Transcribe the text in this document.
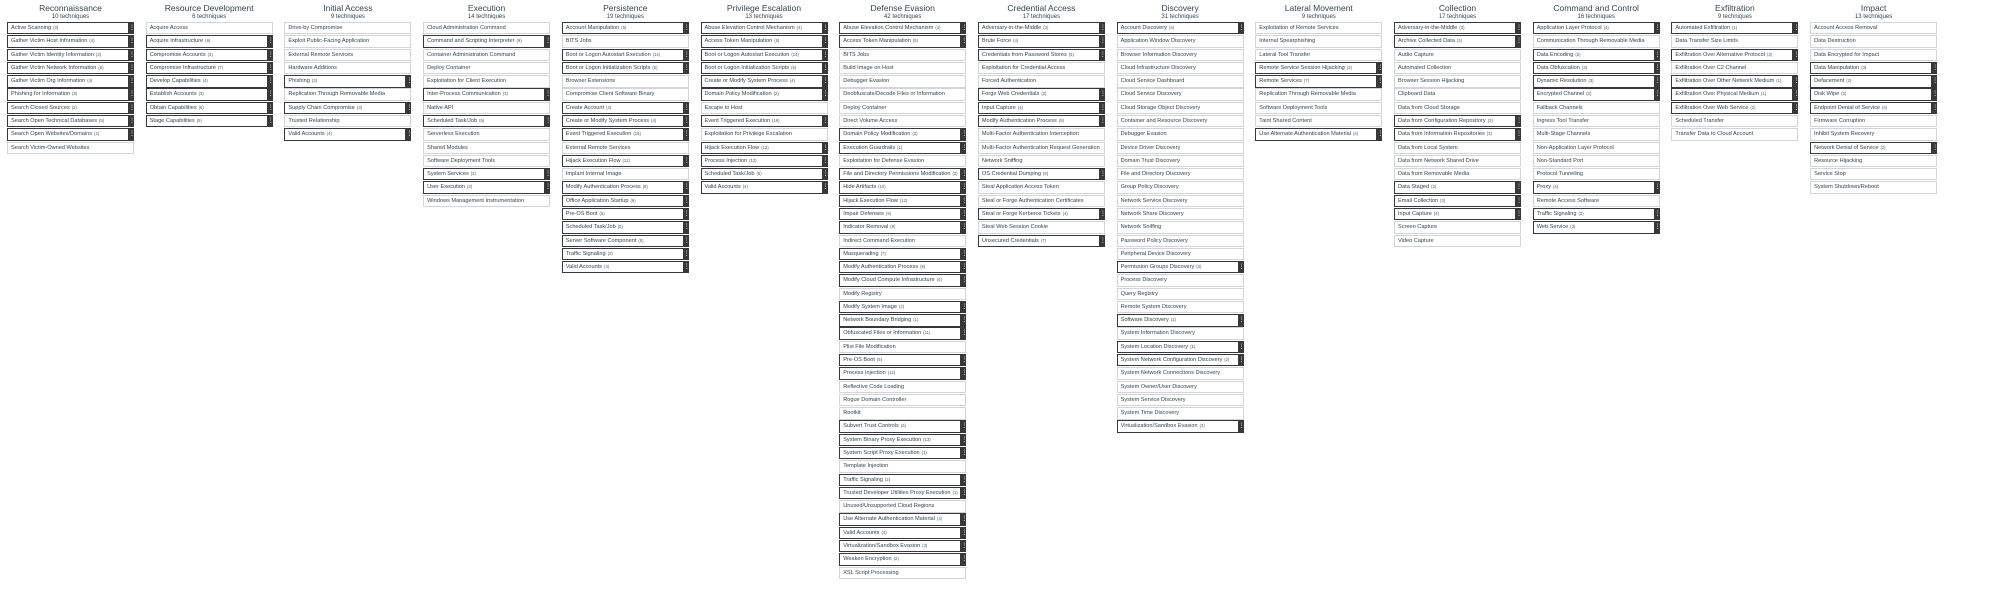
Reconnaissance
10 techniques
Active Scanning (3)	⋮
Gather Victim Host Information (4)	⋮
Gather Victim Identity Information (3)	⋮
Gather Victim Network Information (6)	⋮
Gather Victim Org Information (4)	⋮
Phishing for Information (3)	⋮
Search Closed Sources (2)	⋮
Search Open Technical Databases (5)	⋮
Search Open Websites/Domains (2)	⋮
Search Victim-Owned Websites
Resource Development
6 techniques
Acquire Access
Acquire Infrastructure (6)	⋮
Compromise Accounts (3)	⋮
Compromise Infrastructure (7)	⋮
Develop Capabilities (4)	⋮
Establish Accounts (3)	⋮
Obtain Capabilities (6)	⋮
Stage Capabilities (5)	⋮
Initial Access
9 techniques
Drive-by Compromise
Exploit Public-Facing Application
External Remote Services
Hardware Additions
Phishing (3)	⋮
Replication Through Removable Media
Supply Chain Compromise (3)	⋮
Trusted Relationship
Valid Accounts (4)	⋮
Execution
14 techniques
Cloud Administration Command
Command and Scripting Interpreter (9)	⋮
Container Administration Command
Deploy Container
Exploitation for Client Execution
Inter-Process Communication (3)	⋮
Native API
Scheduled Task/Job (5)	⋮
Serverless Execution
Shared Modules
Software Deployment Tools
System Services (2)	⋮
User Execution (3)	⋮
Windows Management Instrumentation
Persistence
19 techniques
Account Manipulation (5)	⋮
BITS Jobs
Boot or Logon Autostart Execution (14)	⋮
Boot or Logon Initialization Scripts (5)	⋮
Browser Extensions
Compromise Client Software Binary
Create Account (3)	⋮
Create or Modify System Process (4)	⋮
Event Triggered Execution (16)	⋮
External Remote Services
Hijack Execution Flow (12)	⋮
Implant Internal Image
Modify Authentication Process (8)	⋮
Office Application Startup (6)	⋮
Pre-OS Boot (5)	⋮
Scheduled Task/Job (5)	⋮
Server Software Component (5)	⋮
Traffic Signaling (2)	⋮
Valid Accounts (4)	⋮
Privilege Escalation
13 techniques
Abuse Elevation Control Mechanism (4)	⋮
Access Token Manipulation (5)	⋮
Boot or Logon Autostart Execution (14)	⋮
Boot or Logon Initialization Scripts (5)	⋮
Create or Modify System Process (4)	⋮
Domain Policy Modification (2)	⋮
Escape to Host
Event Triggered Execution (16)	⋮
Exploitation for Privilege Escalation
Hijack Execution Flow (12)	⋮
Process Injection (12)	⋮
Scheduled Task/Job (5)	⋮
Valid Accounts (4)	⋮
Defense Evasion
42 techniques
Abuse Elevation Control Mechanism (4)	⋮
Access Token Manipulation (5)	⋮
BITS Jobs
Build Image on Host
Debugger Evasion
Deobfuscate/Decode Files or Information
Deploy Container
Direct Volume Access
Domain Policy Modification (2)	⋮
Execution Guardrails (1)	⋮
Exploitation for Defense Evasion
File and Directory Permissions Modification (2) ⋮
Hide Artifacts (10)	⋮
Hijack Execution Flow (12)	⋮
Impair Defenses (9)	⋮
Indicator Removal (9)	⋮
Indirect Command Execution
Masquerading (7)	⋮
Modify Authentication Process (8)	⋮
Modify Cloud Compute Infrastructure (4)	⋮
Modify Registry
Modify System Image (2)	⋮
Network Boundary Bridging (1)	⋮
Obfuscated Files or Information (11)	⋮
Plist File Modification
Pre-OS Boot (5)	⋮
Process Injection (12)	⋮
Reflective Code Loading
Rogue Domain Controller
Rootkit
Subvert Trust Controls (6)	⋮
System Binary Proxy Execution (13)	⋮
System Script Proxy Execution (1)	⋮
Template Injection
Traffic Signaling (2)	⋮
Trusted Developer Utilities Proxy Execution (1) ⋮
Unused/Unsupported Cloud Regions
Use Alternate Authentication Material (4)	⋮
Valid Accounts (4)	⋮
Virtualization/Sandbox Evasion (3)	⋮
Weaken Encryption (2)	⋮
XSL Script Processing
Credential Access
17 techniques
Adversary-in-the-Middle (3)	⋮
Brute Force (4)	⋮
Credentials from Password Stores (5)	⋮
Exploitation for Credential Access
Forced Authentication
Forge Web Credentials (2)	⋮
Input Capture (4)	⋮
Modify Authentication Process (8)	⋮
Multi-Factor Authentication Interception
Multi-Factor Authentication Request Generation
Network Sniffing
OS Credential Dumping (8)	⋮
Steal Application Access Token
Steal or Forge Authentication Certificates
Steal or Forge Kerberos Tickets (4)	⋮
Steal Web Session Cookie
Unsecured Credentials (7)	⋮
Discovery
31 techniques
Account Discovery (4)	⋮
Application Window Discovery
Browser Information Discovery
Cloud Infrastructure Discovery
Cloud Service Dashboard
Cloud Service Discovery
Cloud Storage Object Discovery
Container and Resource Discovery
Debugger Evasion
Device Driver Discovery
Domain Trust Discovery
File and Directory Discovery
Group Policy Discovery
Network Service Discovery
Network Share Discovery
Network Sniffing
Password Policy Discovery
Peripheral Device Discovery
Permission Groups Discovery (3)	⋮
Process Discovery
Query Registry
Remote System Discovery
Software Discovery (1)	⋮
System Information Discovery
System Location Discovery (1)	⋮
System Network Configuration Discovery (2) ⋮
System Network Connections Discovery
System Owner/User Discovery
System Service Discovery
System Time Discovery
Virtualization/Sandbox Evasion (3)	⋮
Lateral Movement
9 techniques
Exploitation of Remote Services
Internal Spearphishing
Lateral Tool Transfer
Remote Service Session Hijacking (2)	⋮
Remote Services (7)	⋮
Replication Through Removable Media
Software Deployment Tools
Taint Shared Content
Use Alternate Authentication Material (4)	⋮
Collection
17 techniques
Adversary-in-the-Middle (3)	⋮
Archive Collected Data (3)	⋮
Audio Capture
Automated Collection
Browser Session Hijacking
Clipboard Data
Data from Cloud Storage
Data from Configuration Repository (2)	⋮
Data from Information Repositories (3)	⋮
Data from Local System
Data from Network Shared Drive
Data from Removable Media
Data Staged (2)	⋮
Email Collection (3)	⋮
Input Capture (4)	⋮
Screen Capture
Video Capture
Command and Control
16 techniques
Application Layer Protocol (4)	⋮
Communication Through Removable Media
Data Encoding (2)	⋮
Data Obfuscation (3)	⋮
Dynamic Resolution (3)	⋮
Encrypted Channel (2)	⋮
Fallback Channels
Ingress Tool Transfer
Multi-Stage Channels
Non-Application Layer Protocol
Non-Standard Port
Protocol Tunneling
Proxy (4)	⋮
Remote Access Software
Traffic Signaling (2)	⋮
Web Service (3)	⋮
Exfiltration
9 techniques
Automated Exfiltration (1)	⋮
Data Transfer Size Limits
Exfiltration Over Alternative Protocol (3)	⋮
Exfiltration Over C2 Channel
Exfiltration Over Other Network Medium (1) ⋮
Exfiltration Over Physical Medium (1)	⋮
Exfiltration Over Web Service (2)	⋮
Scheduled Transfer
Transfer Data to Cloud Account
Impact
13 techniques
Account Access Removal
Data Destruction
Data Encrypted for Impact
Data Manipulation (3)	⋮
Defacement (2)	⋮
Disk Wipe (2)	⋮
Endpoint Denial of Service (4)	⋮
Firmware Corruption
Inhibit System Recovery
Network Denial of Service (2)	⋮
Resource Hijacking
Service Stop
System Shutdown/Reboot
